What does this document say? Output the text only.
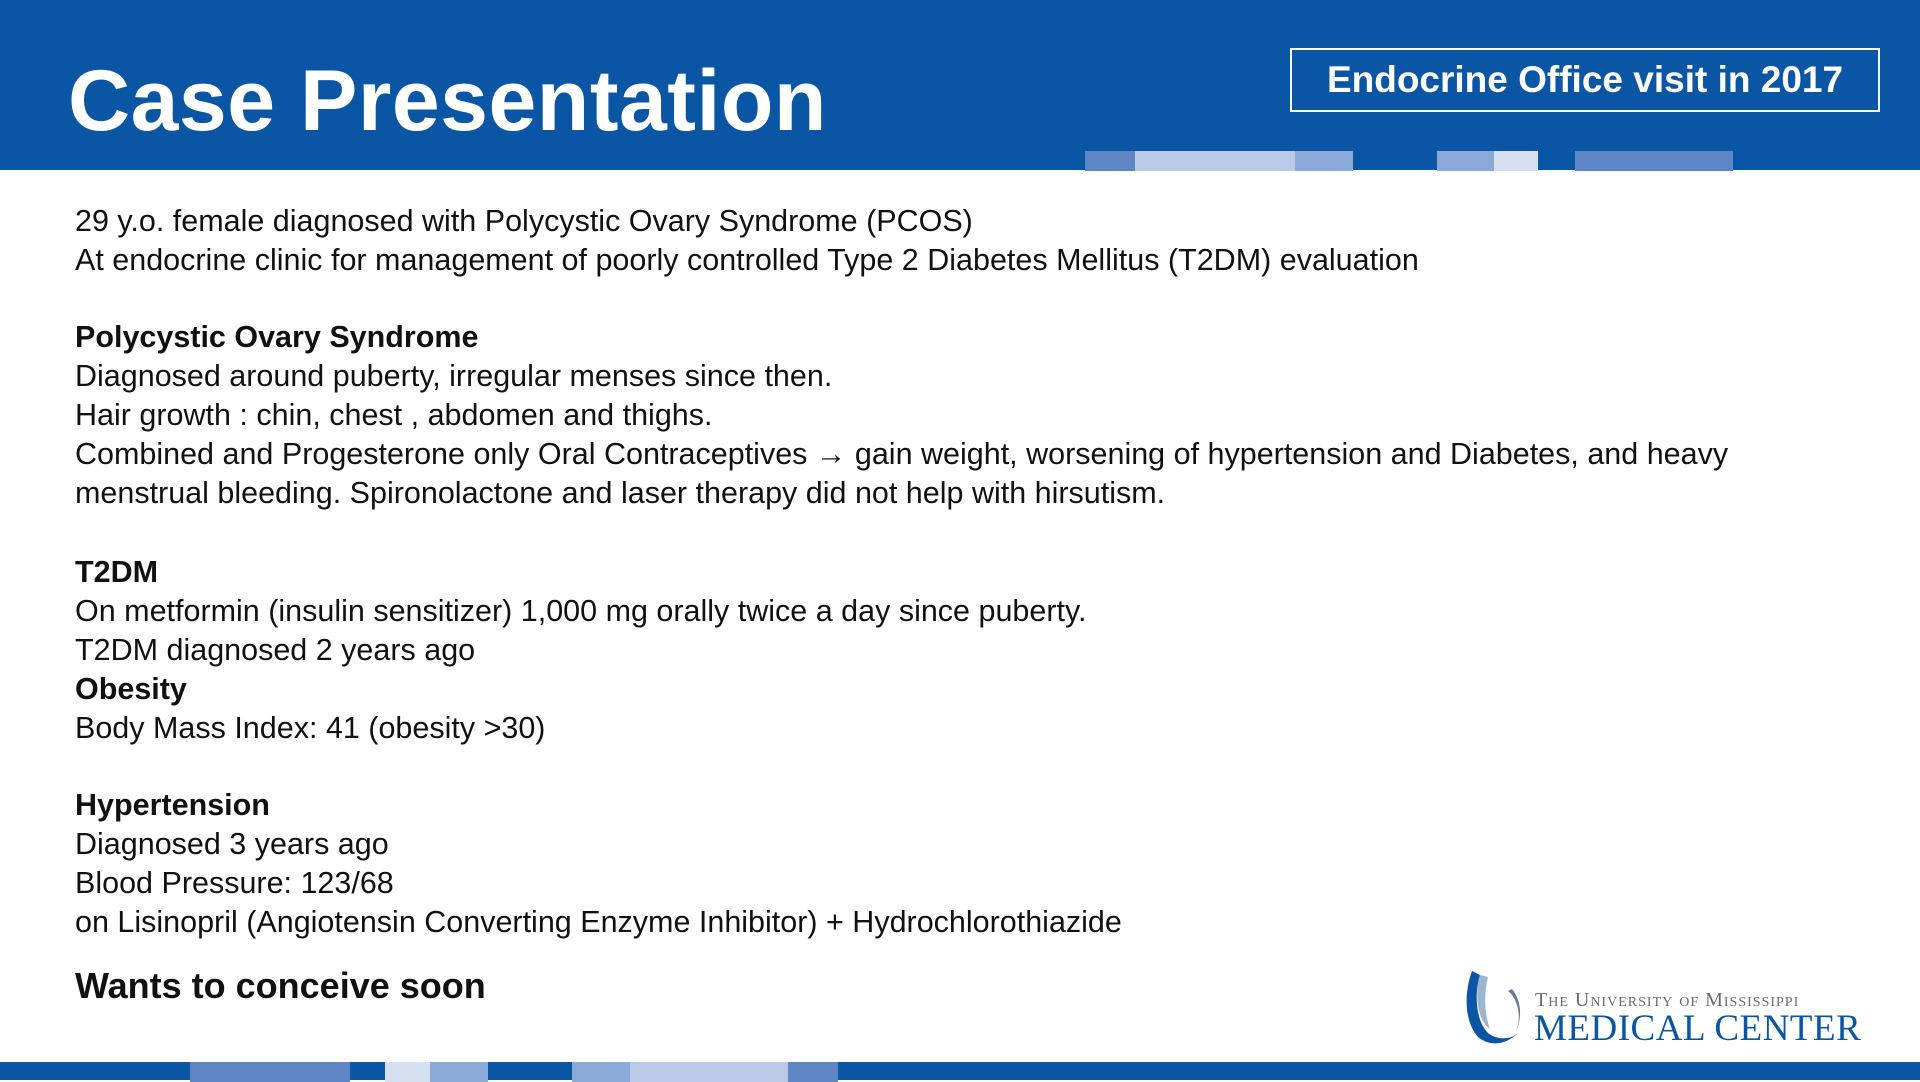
Case Presentation	Endocrine Office visit in 2017

29 y.o. female diagnosed with Polycystic Ovary Syndrome (PCOS)

At endocrine clinic for management of poorly controlled Type 2 Diabetes Mellitus (T2DM) evaluation

Polycystic Ovary Syndrome

Diagnosed around puberty, irregular menses since then.

Hair growth : chin, chest , abdomen and thighs.

Combined and Progesterone only Oral Contraceptives → gain weight, worsening of hypertension and Diabetes, and heavy

menstrual bleeding. Spironolactone and laser therapy did not help with hirsutism.

T2DM

On metformin (insulin sensitizer) 1,000 mg orally twice a day since puberty.

T2DM diagnosed 2 years ago

Obesity

Body Mass Index: 41 (obesity >30)

Hypertension

Diagnosed 3 years ago

Blood Pressure: 123/68

on Lisinopril (Angiotensin Converting Enzyme Inhibitor) + Hydrochlorothiazide

Wants to conceive soon	The University of Mississippi
MEDICAL CENTER
